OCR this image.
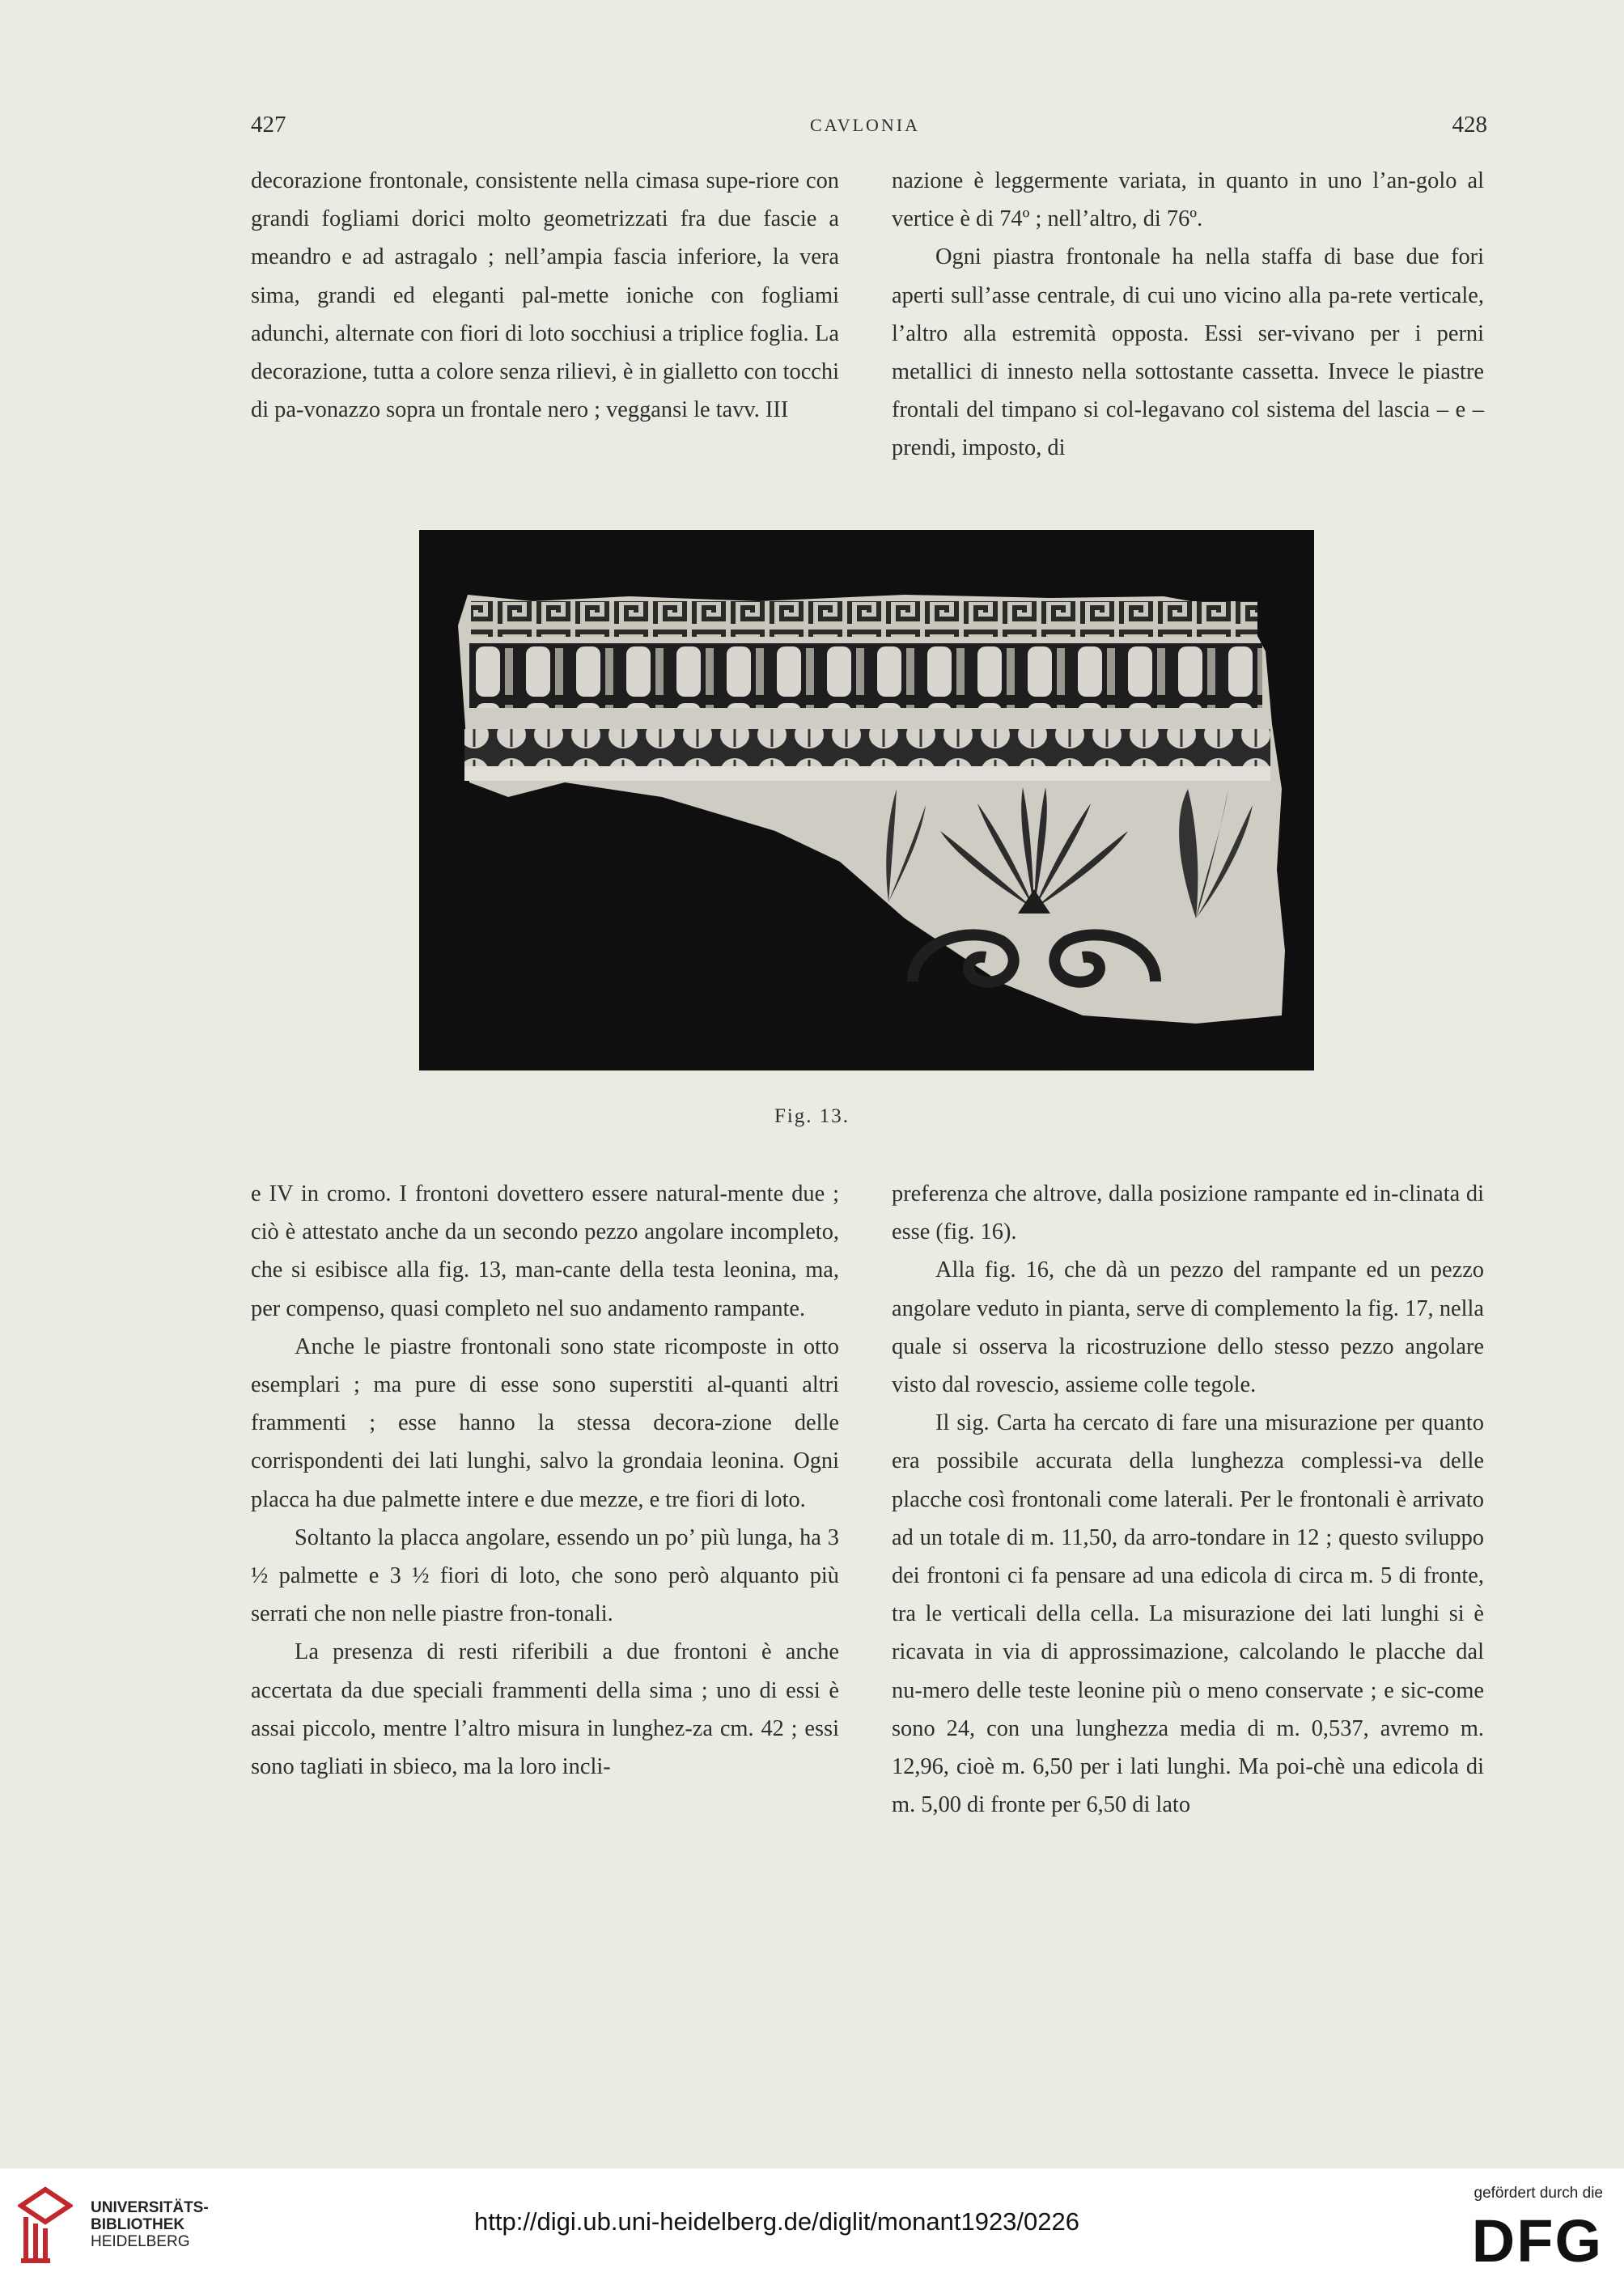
427	CAVLONIA	428

decorazione frontonale, consistente nella cimasa supe-riore con grandi fogliami dorici molto geometrizzati fra due fascie a meandro e ad astragalo ; nell’ampia fascia inferiore, la vera sima, grandi ed eleganti pal-mette ioniche con fogliami adunchi, alternate con fiori di loto socchiusi a triplice foglia. La decorazione, tutta a colore senza rilievi, è in gialletto con tocchi di pa-vonazzo sopra un frontale nero ; veggansi le tavv. III

nazione è leggermente variata, in quanto in uno l’an-golo al vertice è di 74º ; nell’altro, di 76º.

Ogni piastra frontonale ha nella staffa di base due fori aperti sull’asse centrale, di cui uno vicino alla pa-rete verticale, l’altro alla estremità opposta. Essi ser-vivano per i perni metallici di innesto nella sottostante cassetta. Invece le piastre frontali del timpano si col-legavano col sistema del lascia – e – prendi, imposto, di

Fig. 13.

e IV in cromo. I frontoni dovettero essere natural-mente due ; ciò è attestato anche da un secondo pezzo angolare incompleto, che si esibisce alla fig. 13, man-cante della testa leonina, ma, per compenso, quasi completo nel suo andamento rampante.

Anche le piastre frontonali sono state ricomposte in otto esemplari ; ma pure di esse sono superstiti al-quanti altri frammenti ; esse hanno la stessa decora-zione delle corrispondenti dei lati lunghi, salvo la grondaia leonina. Ogni placca ha due palmette intere e due mezze, e tre fiori di loto.

Soltanto la placca angolare, essendo un po’ più lunga, ha 3 ½ palmette e 3 ½ fiori di loto, che sono però alquanto più serrati che non nelle piastre fron-tonali.

La presenza di resti riferibili a due frontoni è anche accertata da due speciali frammenti della sima ; uno di essi è assai piccolo, mentre l’altro misura in lunghez-za cm. 42 ; essi sono tagliati in sbieco, ma la loro incli-

preferenza che altrove, dalla posizione rampante ed in-clinata di esse (fig. 16).

Alla fig. 16, che dà un pezzo del rampante ed un pezzo angolare veduto in pianta, serve di complemento la fig. 17, nella quale si osserva la ricostruzione dello stesso pezzo angolare visto dal rovescio, assieme colle tegole.

Il sig. Carta ha cercato di fare una misurazione per quanto era possibile accurata della lunghezza complessi-va delle placche così frontonali come laterali. Per le frontonali è arrivato ad un totale di m. 11,50, da arro-tondare in 12 ; questo sviluppo dei frontoni ci fa pensare ad una edicola di circa m. 5 di fronte, tra le verticali della cella. La misurazione dei lati lunghi si è ricavata in via di approssimazione, calcolando le placche dal nu-mero delle teste leonine più o meno conservate ; e sic-come sono 24, con una lunghezza media di m. 0,537, avremo m. 12,96, cioè m. 6,50 per i lati lunghi. Ma poi-chè una edicola di m. 5,00 di fronte per 6,50 di lato

UNIVERSITÄTS-
BIBLIOTHEK
HEIDELBERG
http://digi.ub.uni-heidelberg.de/diglit/monant1923/0226
gefördert durch die
DFG
